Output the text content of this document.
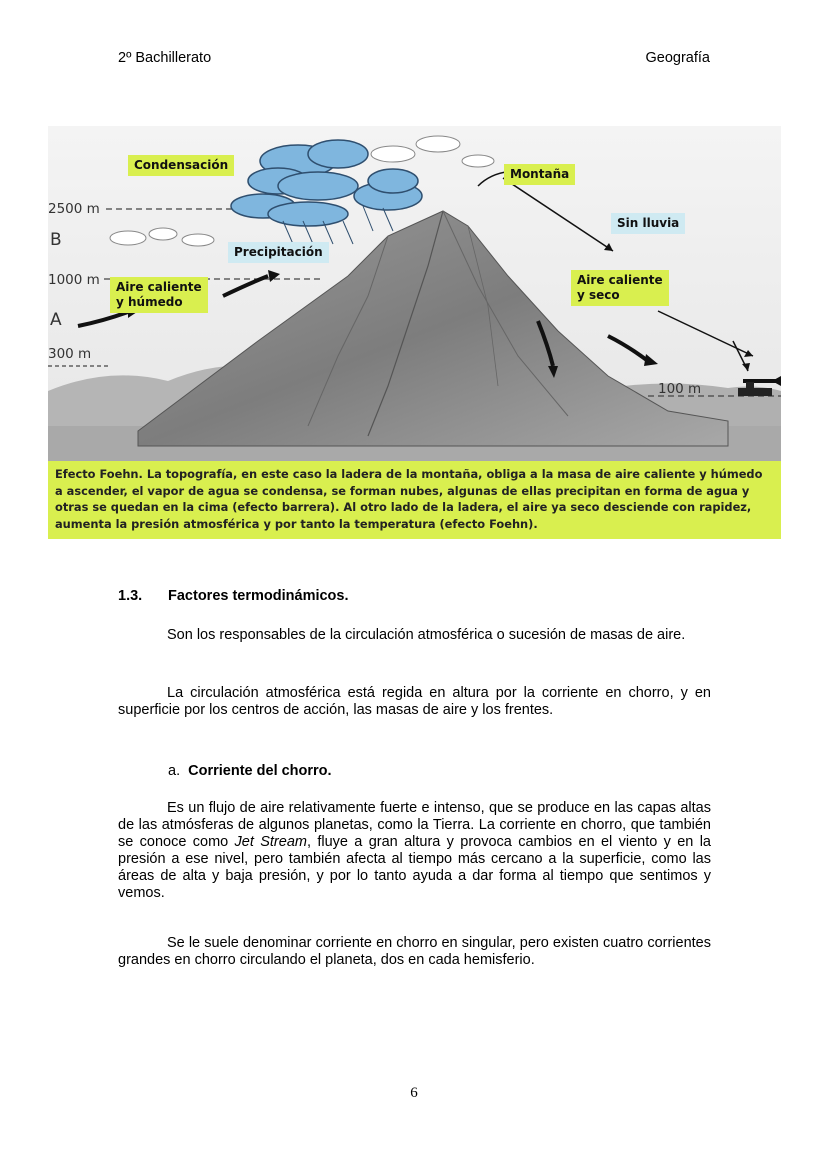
2º Bachillerato	Geografía
Condensación
Montaña
Sin lluvia
Precipitación
Aire caliente
y húmedo
Aire caliente
y seco
2500 m
1000 m
300 m
100 m
B
A
Efecto Foehn. La topografía, en este caso la ladera de la montaña, obliga a la masa de aire caliente y húmedo a ascender, el vapor de agua se condensa, se forman nubes, algunas de ellas precipitan en forma de agua y otras se quedan en la cima (efecto barrera). Al otro lado de la ladera, el aire ya seco desciende con rapidez, aumenta la presión atmosférica y por tanto la temperatura (efecto Foehn).
1.3. Factores termodinámicos.
Son los responsables de la circulación atmosférica o sucesión de masas de aire.
La circulación atmosférica está regida en altura por la corriente en chorro, y en superficie por los centros de acción, las masas de aire y los frentes.
a. Corriente del chorro.
Es un flujo de aire relativamente fuerte e intenso, que se produce en las capas altas de las atmósferas de algunos planetas, como la Tierra. La corriente en chorro, que también se conoce como Jet Stream, fluye a gran altura y provoca cambios en el viento y en la presión a ese nivel, pero también afecta al tiempo más cercano a la superficie, como las áreas de alta y baja presión, y por lo tanto ayuda a dar forma al tiempo que sentimos y vemos.
Se le suele denominar corriente en chorro en singular, pero existen cuatro corrientes grandes en chorro circulando el planeta, dos en cada hemisferio.
6
